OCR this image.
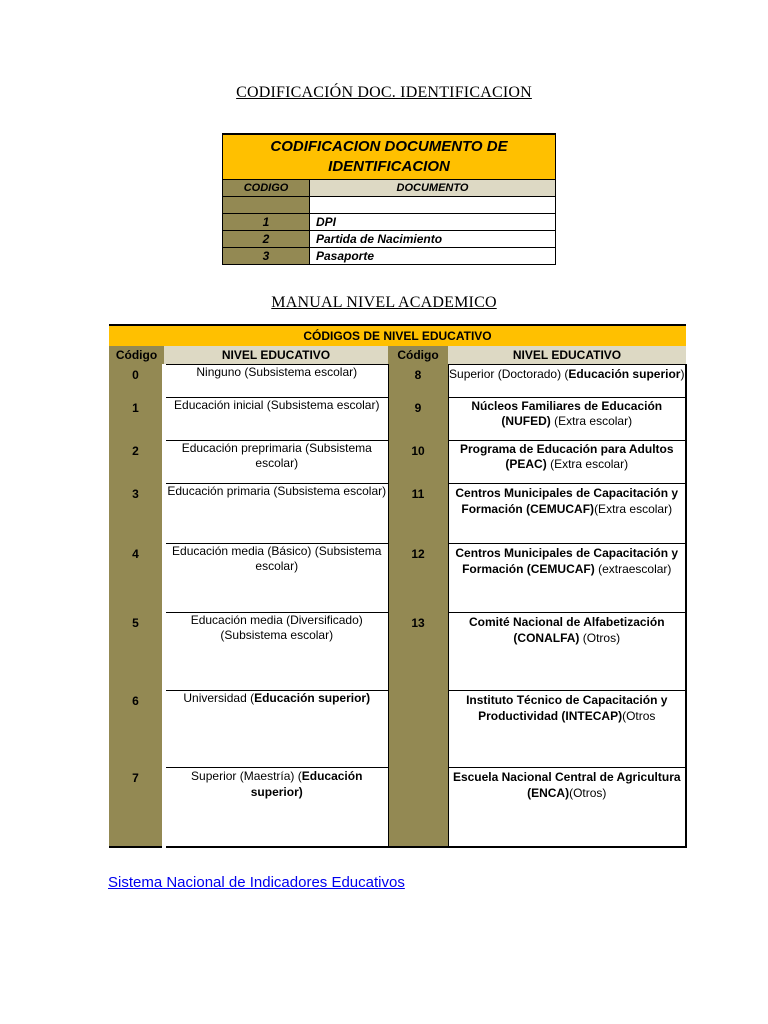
CODIFICACIÓN DOC. IDENTIFICACION
CODIFICACION DOCUMENTO DE IDENTIFICACION	
CODIGO	DOCUMENTO

1	DPI
2	Partida de Nacimiento
3	Pasaporte
MANUAL NIVEL ACADEMICO
CÓDIGOS DE NIVEL EDUCATIVO			
Código	NIVEL EDUCATIVO	Código	NIVEL EDUCATIVO
0	Ninguno (Subsistema escolar)	8	Superior (Doctorado) (Educación superior)
1	Educación inicial (Subsistema escolar)	9	Núcleos Familiares de Educación (NUFED) (Extra escolar)

2	Educación preprimaria (Subsistema escolar)	10	Programa de Educación para Adultos (PEAC) (Extra escolar)
3	Educación primaria (Subsistema escolar)	11	Centros Municipales de Capacitación y Formación (CEMUCAF)(Extra escolar)
4	Educación media (Básico) (Subsistema escolar)	12	Centros Municipales de Capacitación y Formación (CEMUCAF) (extraescolar)
5	Educación media (Diversificado) (Subsistema escolar)	13	Comité Nacional de Alfabetización (CONALFA) (Otros)
6	Universidad (Educación superior)		Instituto Técnico de Capacitación y Productividad (INTECAP)(Otros
7	Superior (Maestría) (Educación superior)		Escuela Nacional Central de Agricultura (ENCA)(Otros)
Sistema Nacional de Indicadores Educativos
